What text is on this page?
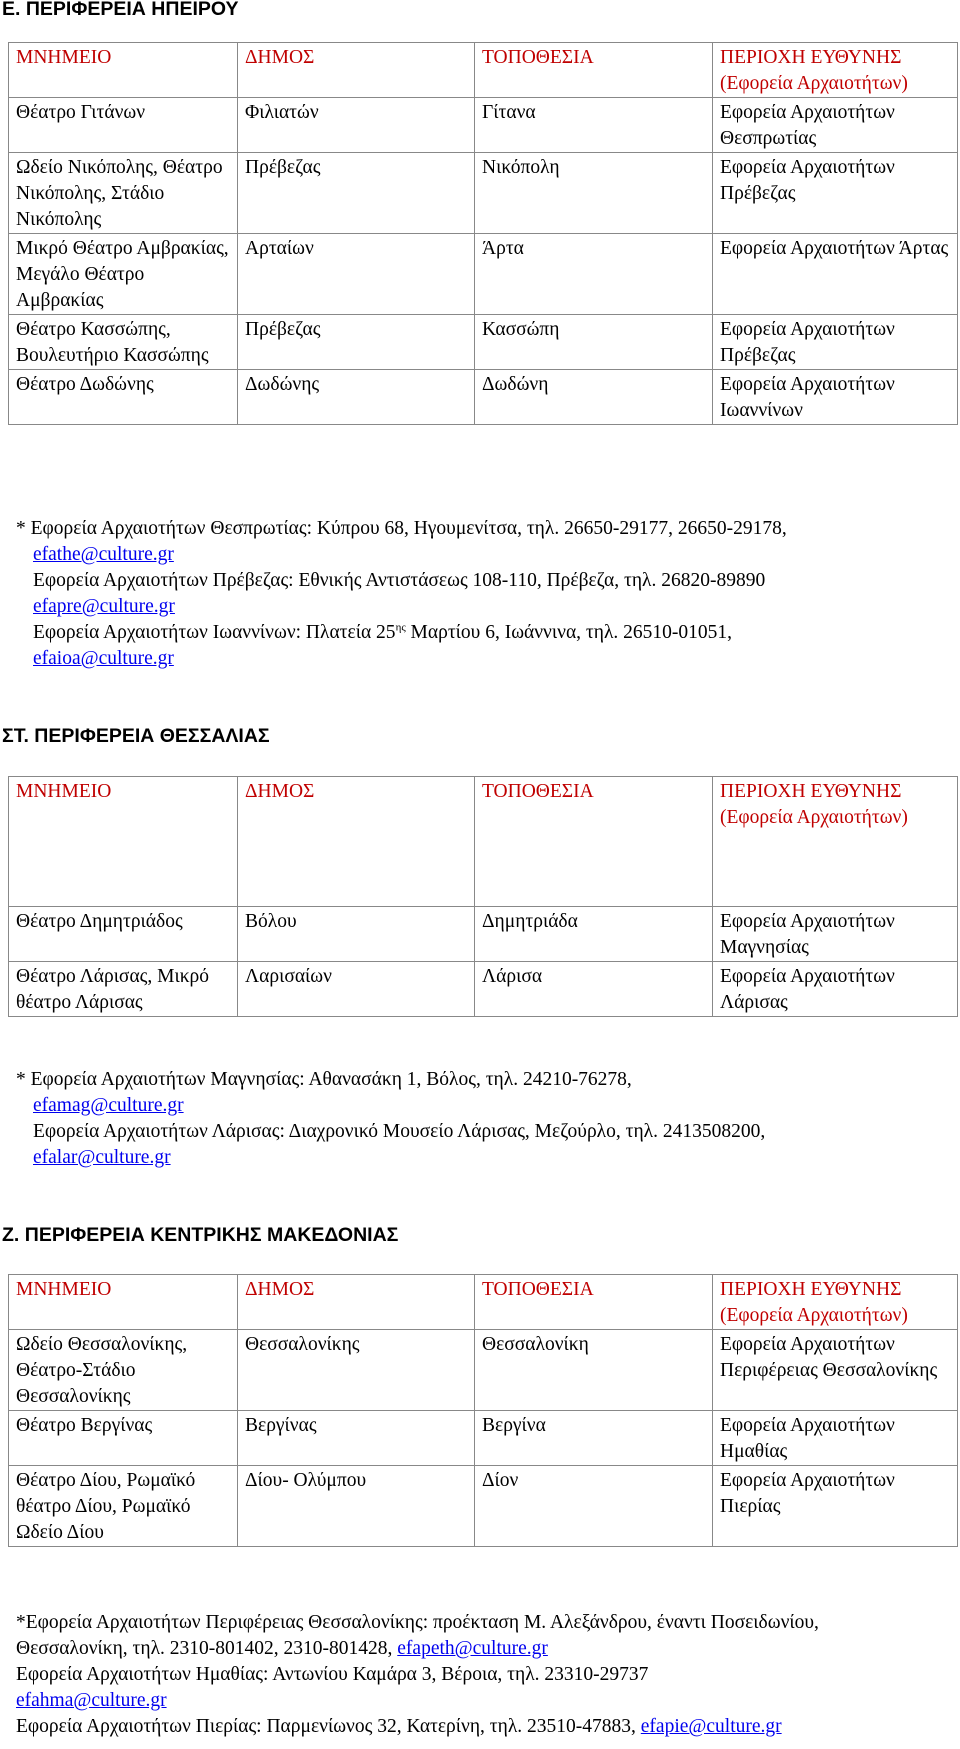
Ε. ΠΕΡΙΦΕΡΕΙΑ ΗΠΕΙΡΟΥ
ΜΝΗΜΕΙΟ	ΔΗΜΟΣ	ΤΟΠΟΘΕΣΙΑ	ΠΕΡΙΟΧΗ ΕΥΘΥΝΗΣ (Εφορεία Αρχαιοτήτων)
Θέατρο Γιτάνων	Φιλιατών	Γίτανα	Εφορεία Αρχαιοτήτων Θεσπρωτίας
Ωδείο Νικόπολης, Θέατρο Νικόπολης, Στάδιο Νικόπολης	Πρέβεζας	Νικόπολη	Εφορεία Αρχαιοτήτων Πρέβεζας
Μικρό Θέατρο Αμβρακίας, Μεγάλο Θέατρο Αμβρακίας	Αρταίων	Άρτα	Εφορεία Αρχαιοτήτων Άρτας
Θέατρο Κασσώπης, Βουλευτήριο Κασσώπης	Πρέβεζας	Κασσώπη	Εφορεία Αρχαιοτήτων Πρέβεζας
Θέατρο Δωδώνης	Δωδώνης	Δωδώνη	Εφορεία Αρχαιοτήτων Ιωαννίνων
* Εφορεία Αρχαιοτήτων Θεσπρωτίας: Κύπρου 68, Ηγουμενίτσα, τηλ. 26650-29177, 26650-29178,
efathe@culture.gr
Εφορεία Αρχαιοτήτων Πρέβεζας: Εθνικής Αντιστάσεως 108-110, Πρέβεζα, τηλ. 26820-89890
efapre@culture.gr
Εφορεία Αρχαιοτήτων Ιωαννίνων: Πλατεία $25^{\eta\varsigma}$ Μαρτίου 6, Ιωάννινα, τηλ. 26510-01051,
efaioa@culture.gr
ΣΤ. ΠΕΡΙΦΕΡΕΙΑ ΘΕΣΣΑΛΙΑΣ
ΜΝΗΜΕΙΟ	ΔΗΜΟΣ	ΤΟΠΟΘΕΣΙΑ	ΠΕΡΙΟΧΗ ΕΥΘΥΝΗΣ (Εφορεία Αρχαιοτήτων)
Θέατρο Δημητριάδος	Βόλου	Δημητριάδα	Εφορεία Αρχαιοτήτων Μαγνησίας
Θέατρο Λάρισας, Μικρό θέατρο Λάρισας	Λαρισαίων	Λάρισα	Εφορεία Αρχαιοτήτων Λάρισας
* Εφορεία Αρχαιοτήτων Μαγνησίας: Αθανασάκη 1, Βόλος, τηλ. 24210-76278,
efamag@culture.gr
Εφορεία Αρχαιοτήτων Λάρισας: Διαχρονικό Μουσείο Λάρισας, Μεζούρλο, τηλ. 2413508200,
efalar@culture.gr
Ζ. ΠΕΡΙΦΕΡΕΙΑ ΚΕΝΤΡΙΚΗΣ ΜΑΚΕΔΟΝΙΑΣ
ΜΝΗΜΕΙΟ	ΔΗΜΟΣ	ΤΟΠΟΘΕΣΙΑ	ΠΕΡΙΟΧΗ ΕΥΘΥΝΗΣ (Εφορεία Αρχαιοτήτων)
Ωδείο Θεσσαλονίκης, Θέατρο-Στάδιο Θεσσαλονίκης	Θεσσαλονίκης	Θεσσαλονίκη	Εφορεία Αρχαιοτήτων Περιφέρειας Θεσσαλονίκης
Θέατρο Βεργίνας	Βεργίνας	Βεργίνα	Εφορεία Αρχαιοτήτων Ημαθίας
Θέατρο Δίου, Ρωμαϊκό θέατρο Δίου, Ρωμαϊκό Ωδείο Δίου	Δίου- Ολύμπου	Δίον	Εφορεία Αρχαιοτήτων Πιερίας
*Εφορεία Αρχαιοτήτων Περιφέρειας Θεσσαλονίκης: προέκταση Μ. Αλεξάνδρου, έναντι Ποσειδωνίου,
Θεσσαλονίκη, τηλ. 2310-801402, 2310-801428, efapeth@culture.gr
Εφορεία Αρχαιοτήτων Ημαθίας: Αντωνίου Καμάρα 3, Βέροια, τηλ. 23310-29737
efahma@culture.gr
Εφορεία Αρχαιοτήτων Πιερίας: Παρμενίωνος 32, Κατερίνη, τηλ. 23510-47883, efapie@culture.gr
